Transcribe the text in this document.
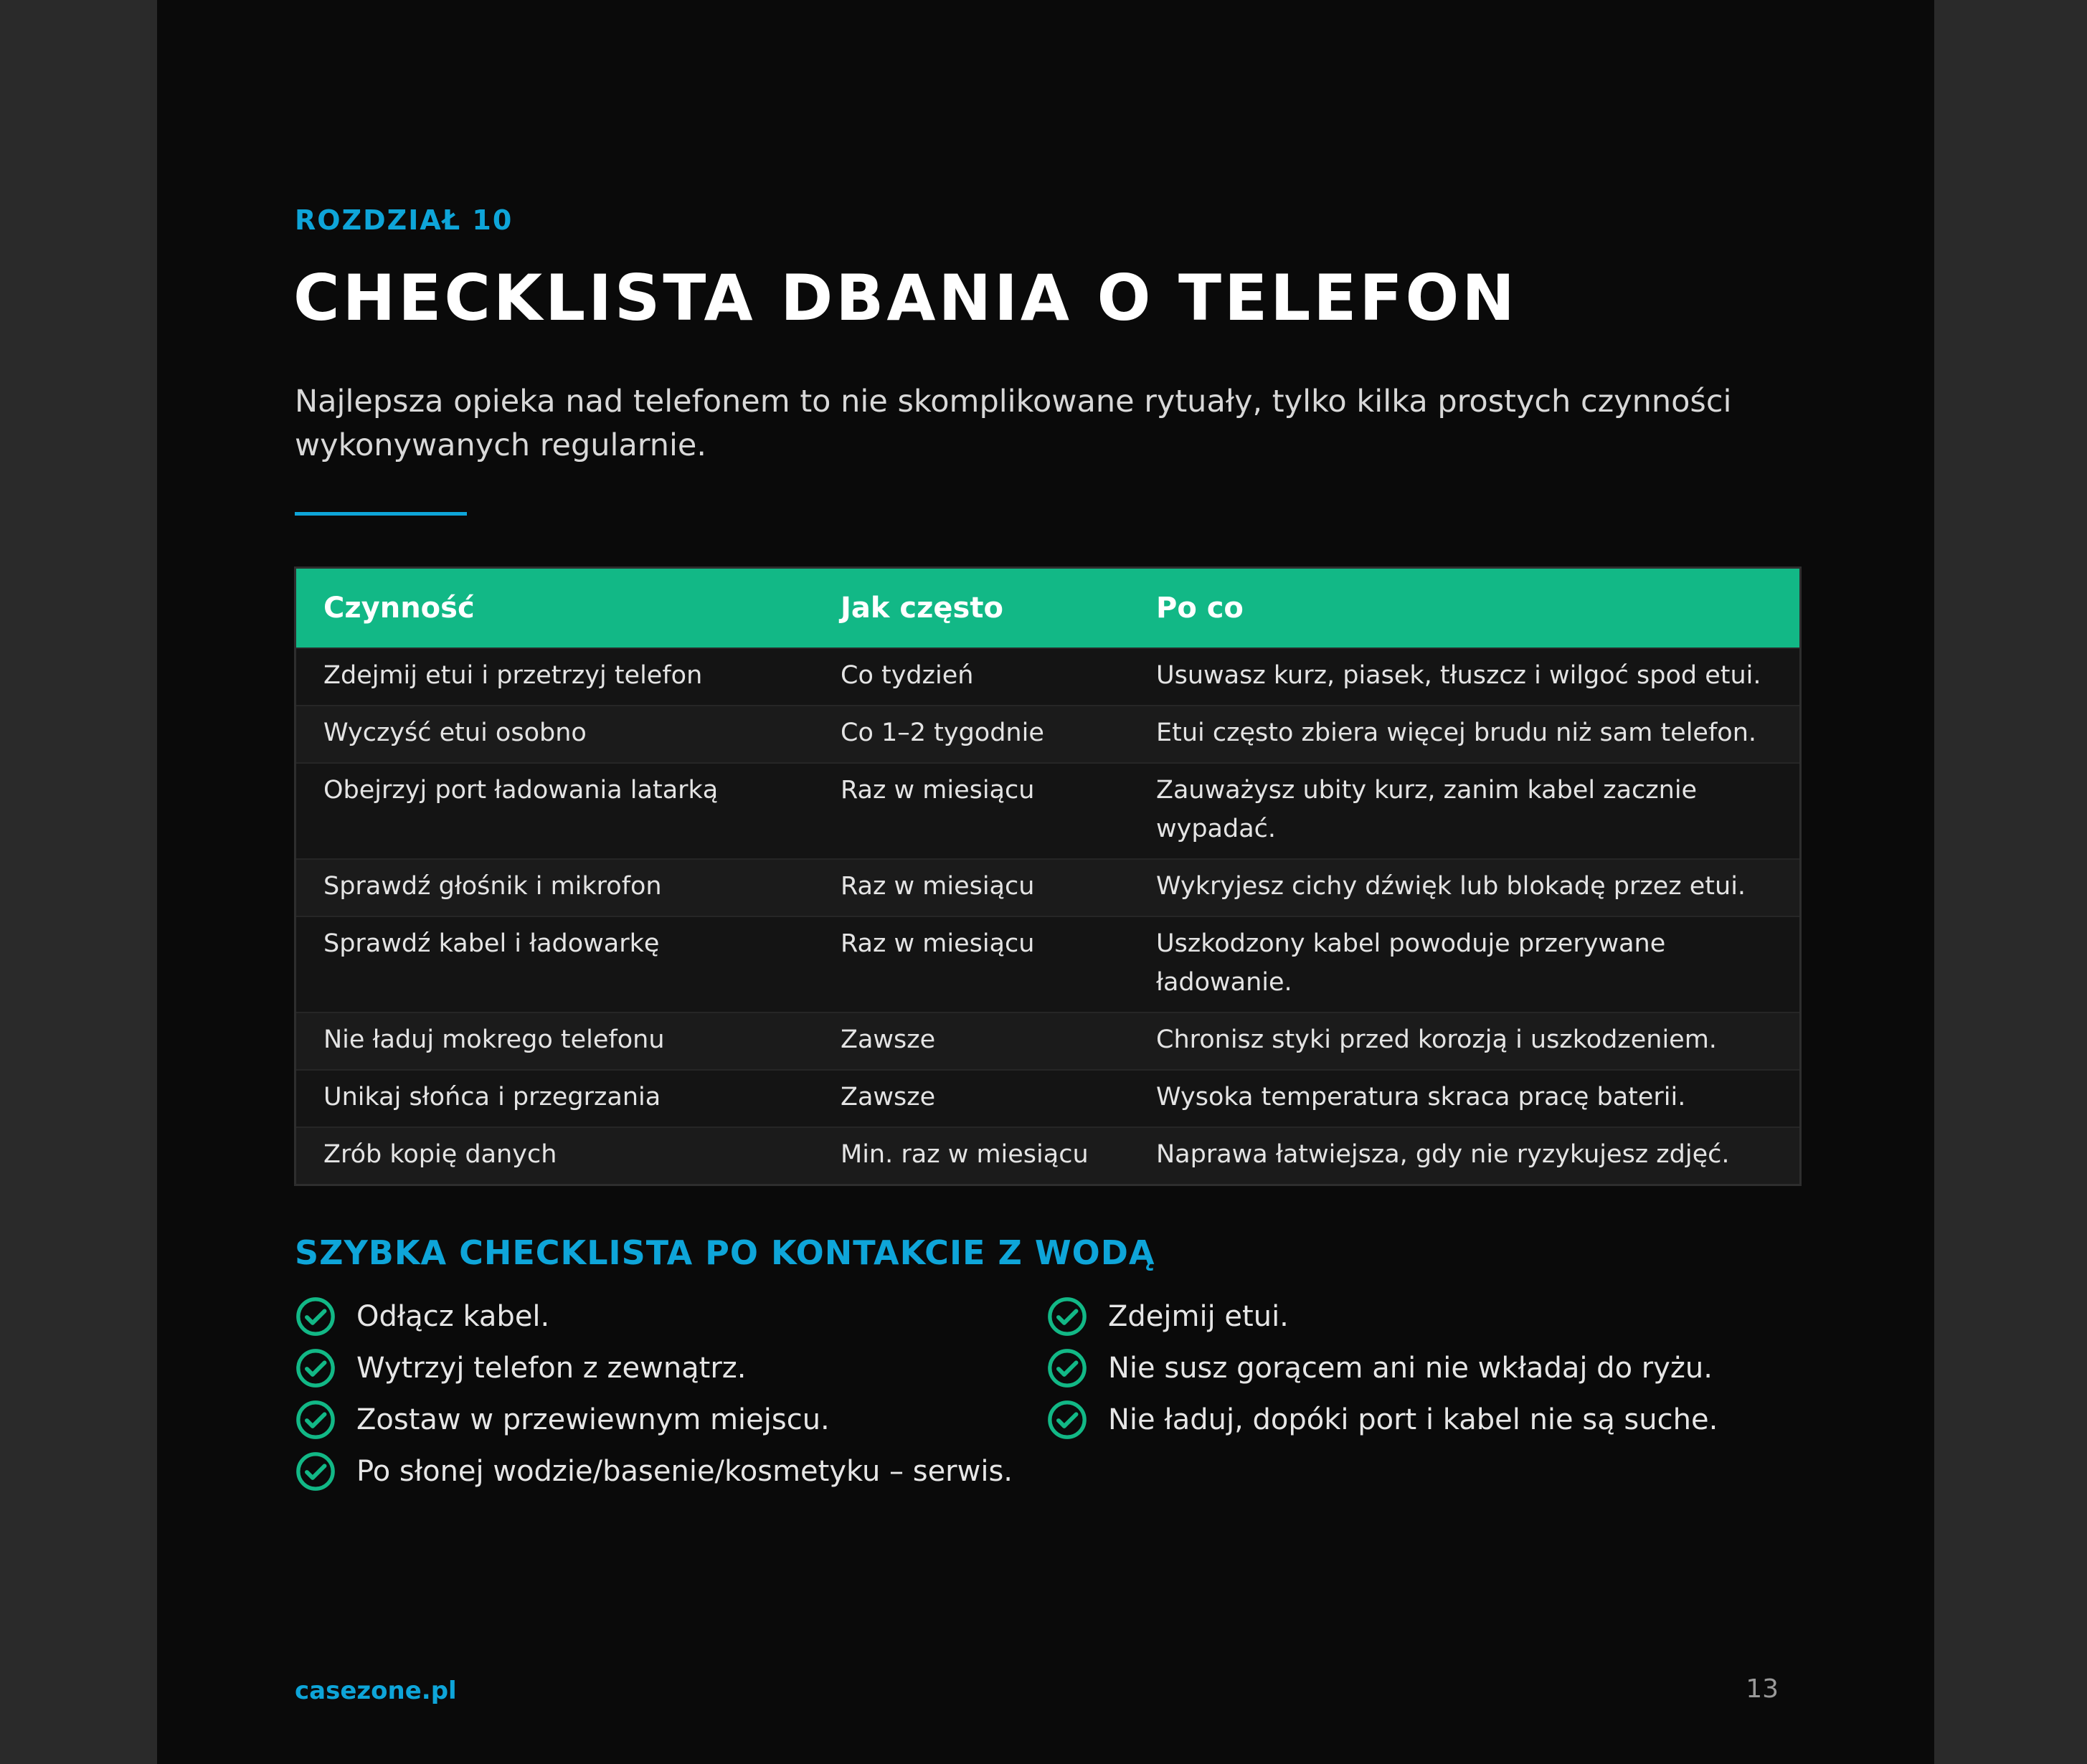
ROZDZIAŁ 10
CHECKLISTA DBANIA O TELEFON
Najlepsza opieka nad telefonem to nie skomplikowane rytuały, tylko kilka prostych czynności wykonywanych regularnie.
Czynność	Jak często	Po co
Zdejmij etui i przetrzyj telefon	Co tydzień	Usuwasz kurz, piasek, tłuszcz i wilgoć spod etui.
Wyczyść etui osobno	Co 1–2 tygodnie	Etui często zbiera więcej brudu niż sam telefon.
Obejrzyj port ładowania latarką	Raz w miesiącu	Zauważysz ubity kurz, zanim kabel zacznie wypadać.
Sprawdź głośnik i mikrofon	Raz w miesiącu	Wykryjesz cichy dźwięk lub blokadę przez etui.
Sprawdź kabel i ładowarkę	Raz w miesiącu	Uszkodzony kabel powoduje przerywane ładowanie.
Nie ładuj mokrego telefonu	Zawsze	Chronisz styki przed korozją i uszkodzeniem.
Unikaj słońca i przegrzania	Zawsze	Wysoka temperatura skraca pracę baterii.
Zrób kopię danych	Min. raz w miesiącu	Naprawa łatwiejsza, gdy nie ryzykujesz zdjęć.
SZYBKA CHECKLISTA PO KONTAKCIE Z WODĄ
Odłącz kabel.
Wytrzyj telefon z zewnątrz.
Zostaw w przewiewnym miejscu.
Po słonej wodzie/basenie/kosmetyku – serwis.
Zdejmij etui.
Nie susz gorącem ani nie wkładaj do ryżu.
Nie ładuj, dopóki port i kabel nie są suche.
casezone.pl	13
